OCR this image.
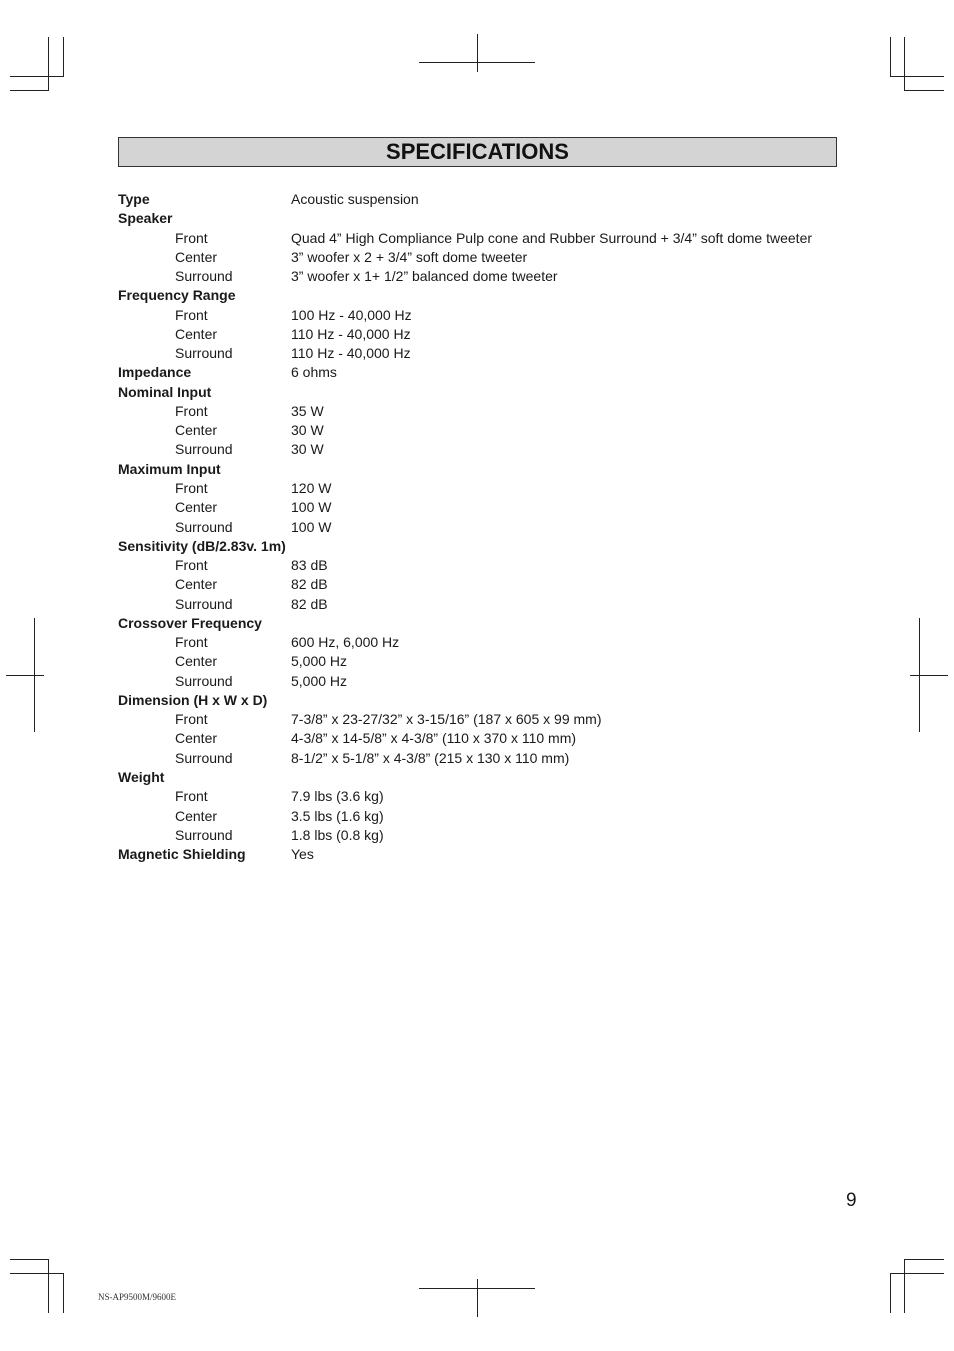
SPECIFICATIONS
Type	Acoustic suspension
Speaker
Front	Quad 4” High Compliance Pulp cone and Rubber Surround + 3/4” soft dome tweeter
Center	3” woofer x 2 + 3/4” soft dome tweeter
Surround	3” woofer x 1+ 1/2” balanced dome tweeter
Frequency Range
Front	100 Hz - 40,000 Hz
Center	110 Hz - 40,000 Hz
Surround	110 Hz - 40,000 Hz
Impedance	6 ohms
Nominal Input
Front	35 W
Center	30 W
Surround	30 W
Maximum Input
Front	120 W
Center	100 W
Surround	100 W
Sensitivity (dB/2.83v. 1m)
Front	83 dB
Center	82 dB
Surround	82 dB
Crossover Frequency
Front	600 Hz, 6,000 Hz
Center	5,000 Hz
Surround	5,000 Hz
Dimension (H x W x D)
Front	7-3/8” x 23-27/32” x 3-15/16” (187 x 605 x 99 mm)
Center	4-3/8” x 14-5/8” x 4-3/8” (110 x 370 x 110 mm)
Surround	8-1/2” x 5-1/8” x 4-3/8” (215 x 130 x 110 mm)
Weight
Front	7.9 lbs (3.6 kg)
Center	3.5 lbs (1.6 kg)
Surround	1.8 lbs (0.8 kg)
Magnetic Shielding	Yes
9
NS-AP9500M/9600E
